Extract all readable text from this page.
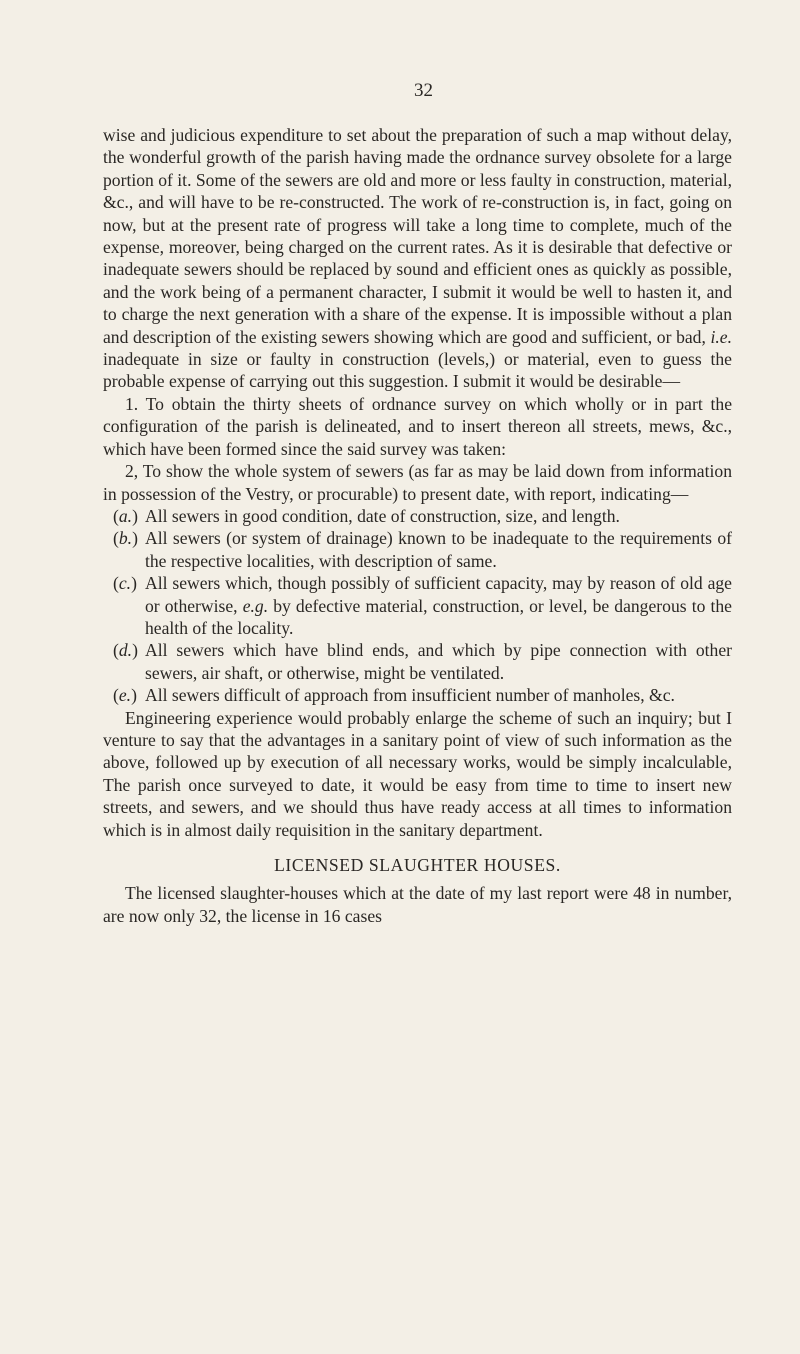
32

wise and judicious expenditure to set about the preparation of such a map without delay, the wonderful growth of the parish having made the ordnance survey obsolete for a large portion of it. Some of the sewers are old and more or less faulty in construction, material, &c., and will have to be re-constructed. The work of re-construction is, in fact, going on now, but at the present rate of progress will take a long time to complete, much of the expense, moreover, being charged on the current rates. As it is desirable that defective or inadequate sewers should be replaced by sound and efficient ones as quickly as possible, and the work being of a permanent character, I submit it would be well to hasten it, and to charge the next generation with a share of the expense. It is impossible without a plan and description of the existing sewers showing which are good and sufficient, or bad, i.e. inadequate in size or faulty in construction (levels,) or material, even to guess the probable expense of carrying out this suggestion. I submit it would be desirable—

1. To obtain the thirty sheets of ordnance survey on which wholly or in part the configuration of the parish is delineated, and to insert thereon all streets, mews, &c., which have been formed since the said survey was taken:

2, To show the whole system of sewers (as far as may be laid down from information in possession of the Vestry, or procurable) to present date, with report, indicating—

(a.) All sewers in good condition, date of construction, size, and length.

(b.) All sewers (or system of drainage) known to be inadequate to the requirements of the respective localities, with description of same.

(c.) All sewers which, though possibly of sufficient capacity, may by reason of old age or otherwise, e.g. by defective material, construction, or level, be dangerous to the health of the locality.

(d.) All sewers which have blind ends, and which by pipe connection with other sewers, air shaft, or otherwise, might be ventilated.

(e.) All sewers difficult of approach from insufficient number of manholes, &c.

Engineering experience would probably enlarge the scheme of such an inquiry; but I venture to say that the advantages in a sanitary point of view of such information as the above, followed up by execution of all necessary works, would be simply incalculable, The parish once surveyed to date, it would be easy from time to time to insert new streets, and sewers, and we should thus have ready access at all times to information which is in almost daily requisition in the sanitary department.

LICENSED SLAUGHTER HOUSES.

The licensed slaughter-houses which at the date of my last report were 48 in number, are now only 32, the license in 16 cases
